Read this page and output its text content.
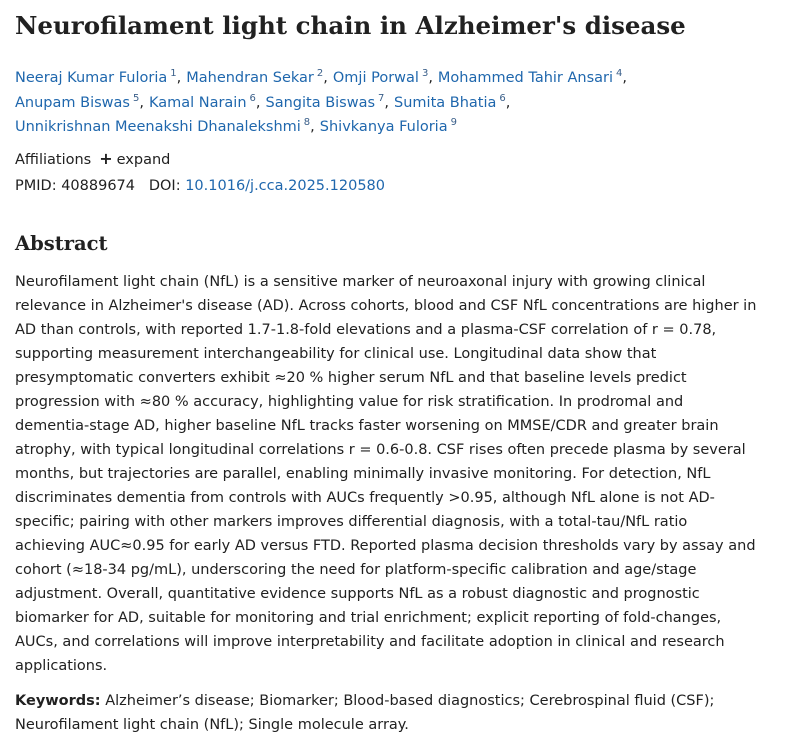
Neurofilament light chain in Alzheimer's disease
Neeraj Kumar Fuloria $^1$, Mahendran Sekar $^2$, Omji Porwal $^3$, Mohammed Tahir Ansari $^4$,
Anupam Biswas $^5$, Kamal Narain $^6$, Sangita Biswas $^7$, Sumita Bhatia $^6$,
Unnikrishnan Meenakshi Dhanalekshmi $^8$, Shivkanya Fuloria $^9$
Affiliations + expand
PMID: 40889674 DOI: 10.1016/j.cca.2025.120580
Abstract
Neurofilament light chain (NfL) is a sensitive marker of neuroaxonal injury with growing clinical
relevance in Alzheimer's disease (AD). Across cohorts, blood and CSF NfL concentrations are higher in
AD than controls, with reported 1.7-1.8-fold elevations and a plasma-CSF correlation of r = 0.78,
supporting measurement interchangeability for clinical use. Longitudinal data show that
presymptomatic converters exhibit ≈20 % higher serum NfL and that baseline levels predict
progression with ≈80 % accuracy, highlighting value for risk stratification. In prodromal and
dementia-stage AD, higher baseline NfL tracks faster worsening on MMSE/CDR and greater brain
atrophy, with typical longitudinal correlations r = 0.6-0.8. CSF rises often precede plasma by several
months, but trajectories are parallel, enabling minimally invasive monitoring. For detection, NfL
discriminates dementia from controls with AUCs frequently >0.95, although NfL alone is not AD-
specific; pairing with other markers improves differential diagnosis, with a total-tau/NfL ratio
achieving AUC≈0.95 for early AD versus FTD. Reported plasma decision thresholds vary by assay and
cohort (≈18-34 pg/mL), underscoring the need for platform-specific calibration and age/stage
adjustment. Overall, quantitative evidence supports NfL as a robust diagnostic and prognostic
biomarker for AD, suitable for monitoring and trial enrichment; explicit reporting of fold-changes,
AUCs, and correlations will improve interpretability and facilitate adoption in clinical and research
applications.
Keywords: Alzheimer’s disease; Biomarker; Blood-based diagnostics; Cerebrospinal fluid (CSF);
Neurofilament light chain (NfL); Single molecule array.
